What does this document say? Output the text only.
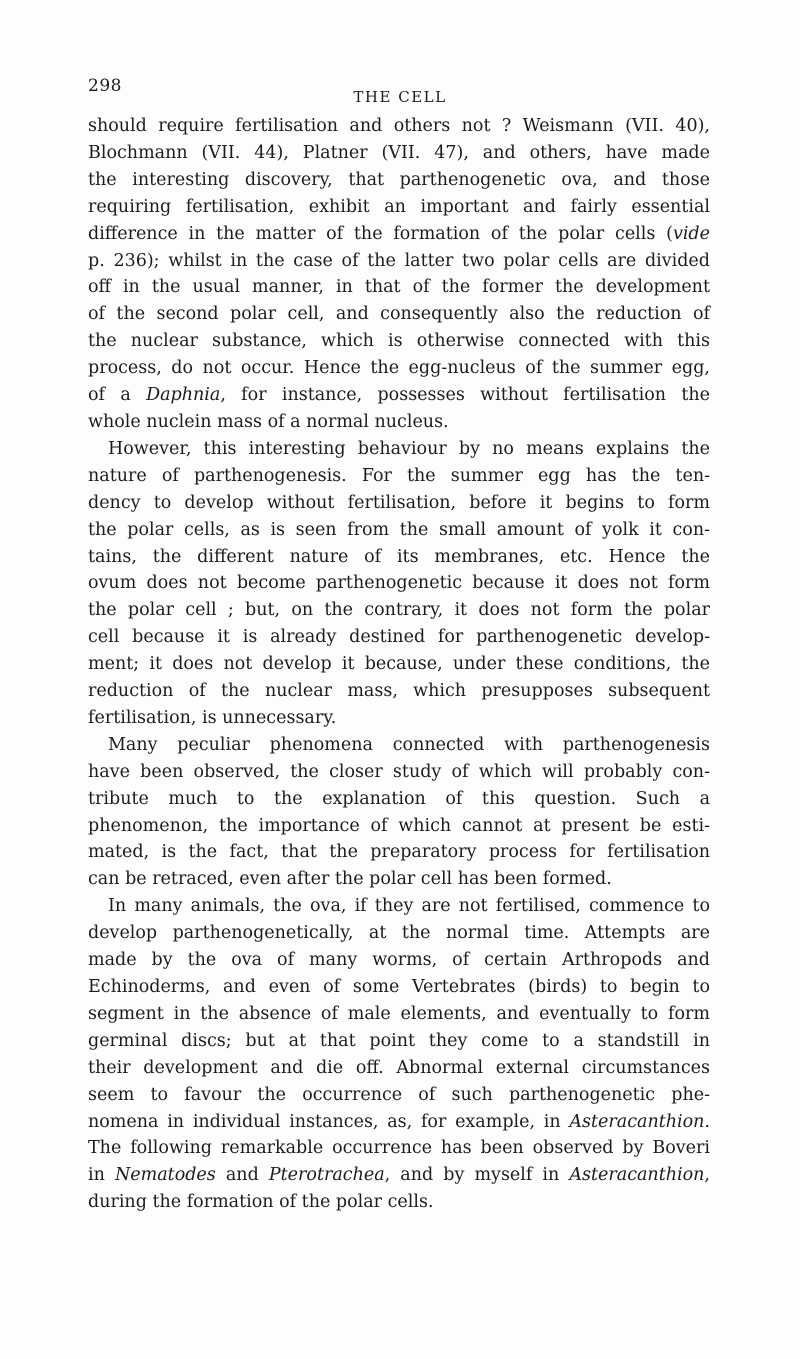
298
THE CELL
should require fertilisation and others not ? Weismann (VII. 40),
Blochmann (VII. 44), Platner (VII. 47), and others, have made
the interesting discovery, that parthenogenetic ova, and those
requiring fertilisation, exhibit an important and fairly essential
difference in the matter of the formation of the polar cells (vide
p. 236); whilst in the case of the latter two polar cells are divided
off in the usual manner, in that of the former the development
of the second polar cell, and consequently also the reduction of
the nuclear substance, which is otherwise connected with this
process, do not occur. Hence the egg-nucleus of the summer egg,
of a Daphnia, for instance, possesses without fertilisation the
whole nuclein mass of a normal nucleus.
However, this interesting behaviour by no means explains the
nature of parthenogenesis. For the summer egg has the ten-
dency to develop without fertilisation, before it begins to form
the polar cells, as is seen from the small amount of yolk it con-
tains, the different nature of its membranes, etc. Hence the
ovum does not become parthenogenetic because it does not form
the polar cell ; but, on the contrary, it does not form the polar
cell because it is already destined for parthenogenetic develop-
ment; it does not develop it because, under these conditions, the
reduction of the nuclear mass, which presupposes subsequent
fertilisation, is unnecessary.
Many peculiar phenomena connected with parthenogenesis
have been observed, the closer study of which will probably con-
tribute much to the explanation of this question. Such a
phenomenon, the importance of which cannot at present be esti-
mated, is the fact, that the preparatory process for fertilisation
can be retraced, even after the polar cell has been formed.
In many animals, the ova, if they are not fertilised, commence to
develop parthenogenetically, at the normal time. Attempts are
made by the ova of many worms, of certain Arthropods and
Echinoderms, and even of some Vertebrates (birds) to begin to
segment in the absence of male elements, and eventually to form
germinal discs; but at that point they come to a standstill in
their development and die off. Abnormal external circumstances
seem to favour the occurrence of such parthenogenetic phe-
nomena in individual instances, as, for example, in Asteracanthion.
The following remarkable occurrence has been observed by Boveri
in Nematodes and Pterotrachea, and by myself in Asteracanthion,
during the formation of the polar cells.
